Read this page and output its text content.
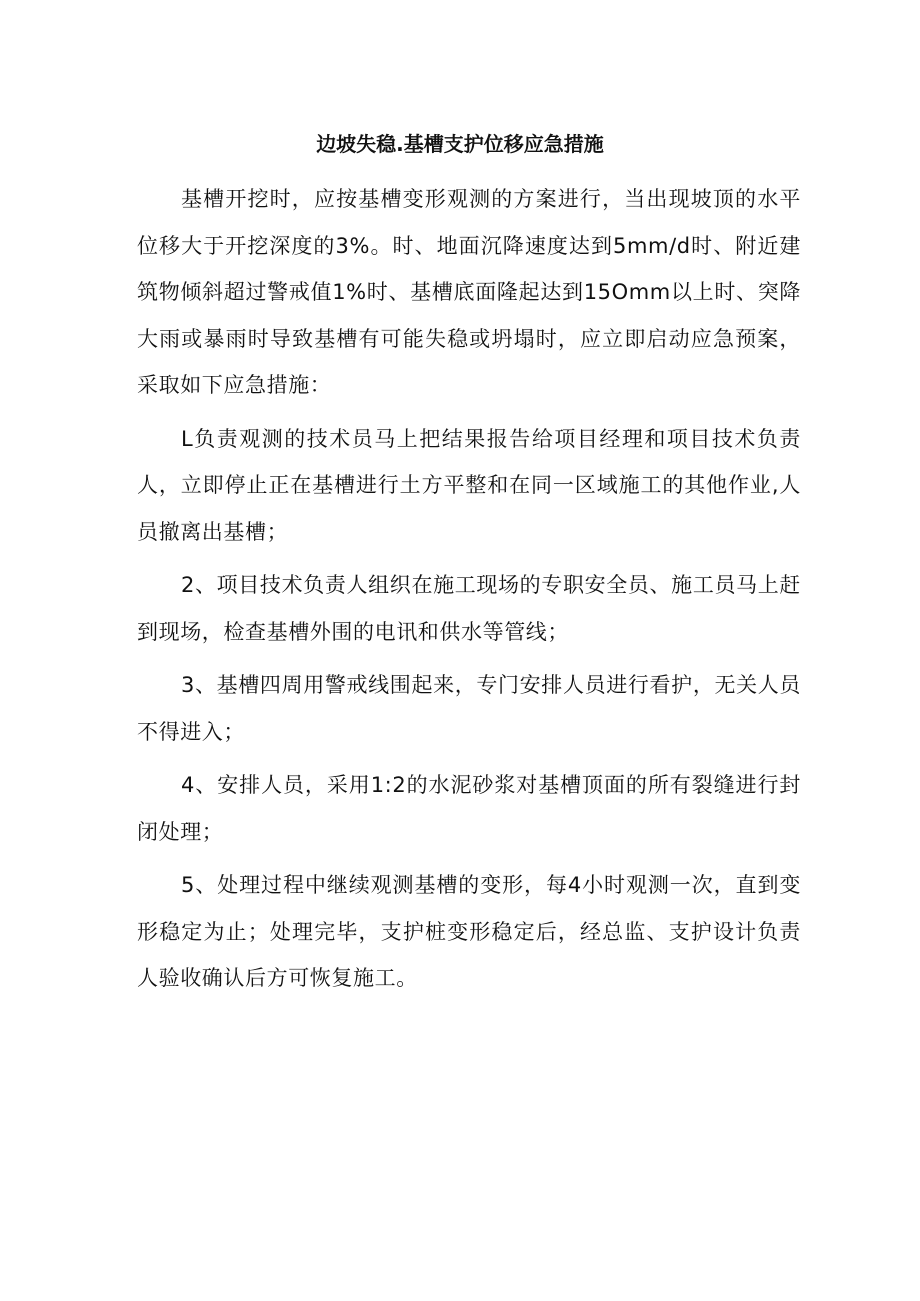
边坡失稳.基槽支护位移应急措施

基槽开挖时，应按基槽变形观测的方案进行，当出现坡顶的水平位移大于开挖深度的3%。时、地面沉降速度达到5mm∕d时、附近建筑物倾斜超过警戒值1%时、基槽底面隆起达到15Omm以上时、突降大雨或暴雨时导致基槽有可能失稳或坍塌时，应立即启动应急预案，采取如下应急措施：

L负责观测的技术员马上把结果报告给项目经理和项目技术负责人，立即停止正在基槽进行土方平整和在同一区域施工的其他作业,人员撤离出基槽；

2、项目技术负责人组织在施工现场的专职安全员、施工员马上赶到现场，检查基槽外围的电讯和供水等管线；

3、基槽四周用警戒线围起来，专门安排人员进行看护，无关人员不得进入；

4、安排人员，采用1:2的水泥砂浆对基槽顶面的所有裂缝进行封闭处理；

5、处理过程中继续观测基槽的变形，每4小时观测一次，直到变形稳定为止；处理完毕，支护桩变形稳定后，经总监、支护设计负责人验收确认后方可恢复施工。
